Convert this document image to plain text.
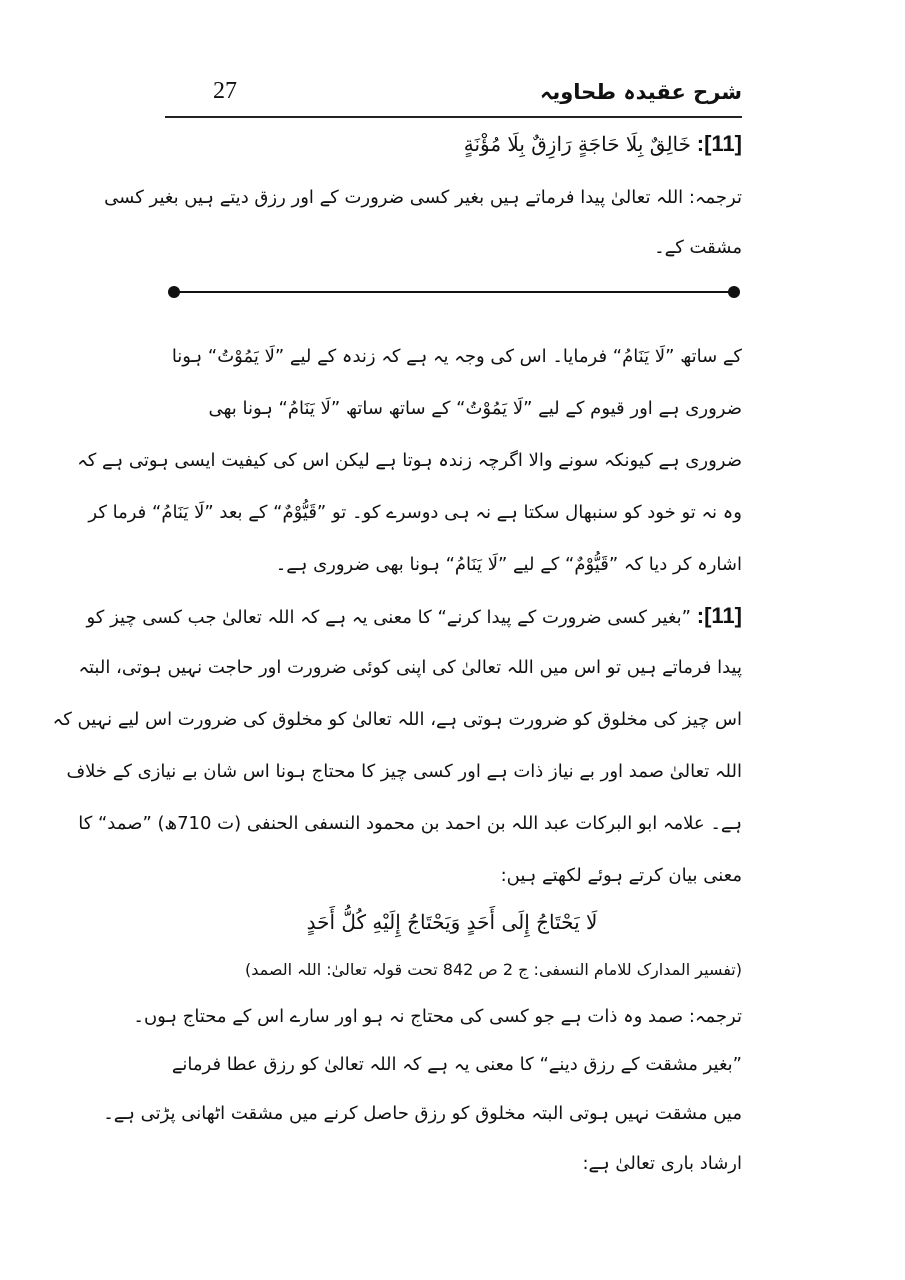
شرح عقیدہ طحاویہ
27
[11]: خَالِقٌ بِلَا حَاجَةٍ رَازِقٌ بِلَا مُؤْنَةٍ
ترجمہ: اللہ تعالیٰ پیدا فرماتے ہیں بغیر کسی ضرورت کے اور رزق دیتے ہیں بغیر کسی
مشقت کے۔
کے ساتھ ”لَا یَنَامُ“ فرمایا۔ اس کی وجہ یہ ہے کہ زندہ کے لیے ”لَا یَمُوْتُ“ ہونا
ضروری ہے اور قیوم کے لیے ”لَا یَمُوْتُ“ کے ساتھ ساتھ ”لَا یَنَامُ“ ہونا بھی
ضروری ہے کیونکہ سونے والا اگرچہ زندہ ہوتا ہے لیکن اس کی کیفیت ایسی ہوتی ہے کہ
وہ نہ تو خود کو سنبھال سکتا ہے نہ ہی دوسرے کو۔ تو ”قَیُّوْمٌ“ کے بعد ”لَا یَنَامُ“ فرما کر
اشارہ کر دیا کہ ”قَیُّوْمٌ“ کے لیے ”لَا یَنَامُ“ ہونا بھی ضروری ہے۔
[11]: ”بغیر کسی ضرورت کے پیدا کرنے“ کا معنی یہ ہے کہ اللہ تعالیٰ جب کسی چیز کو
پیدا فرماتے ہیں تو اس میں اللہ تعالیٰ کی اپنی کوئی ضرورت اور حاجت نہیں ہوتی، البتہ
اس چیز کی مخلوق کو ضرورت ہوتی ہے، اللہ تعالیٰ کو مخلوق کی ضرورت اس لیے نہیں کہ
اللہ تعالیٰ صمد اور بے نیاز ذات ہے اور کسی چیز کا محتاج ہونا اس شان بے نیازی کے خلاف
ہے۔ علامہ ابو البرکات عبد اللہ بن احمد بن محمود النسفی الحنفی (ت 710ھ) ”صمد“ کا
معنی بیان کرتے ہوئے لکھتے ہیں:
لَا يَحْتَاجُ إِلَى أَحَدٍ وَيَحْتَاجُ إِلَيْهِ كُلُّ أَحَدٍ
(تفسیر المدارک للامام النسفی: ج 2 ص 842 تحت قولہ تعالیٰ: اللہ الصمد)
ترجمہ: صمد وہ ذات ہے جو کسی کی محتاج نہ ہو اور سارے اس کے محتاج ہوں۔
”بغیر مشقت کے رزق دینے“ کا معنی یہ ہے کہ اللہ تعالیٰ کو رزق عطا فرمانے
میں مشقت نہیں ہوتی البتہ مخلوق کو رزق حاصل کرنے میں مشقت اٹھانی پڑتی ہے۔
ارشاد باری تعالیٰ ہے:
